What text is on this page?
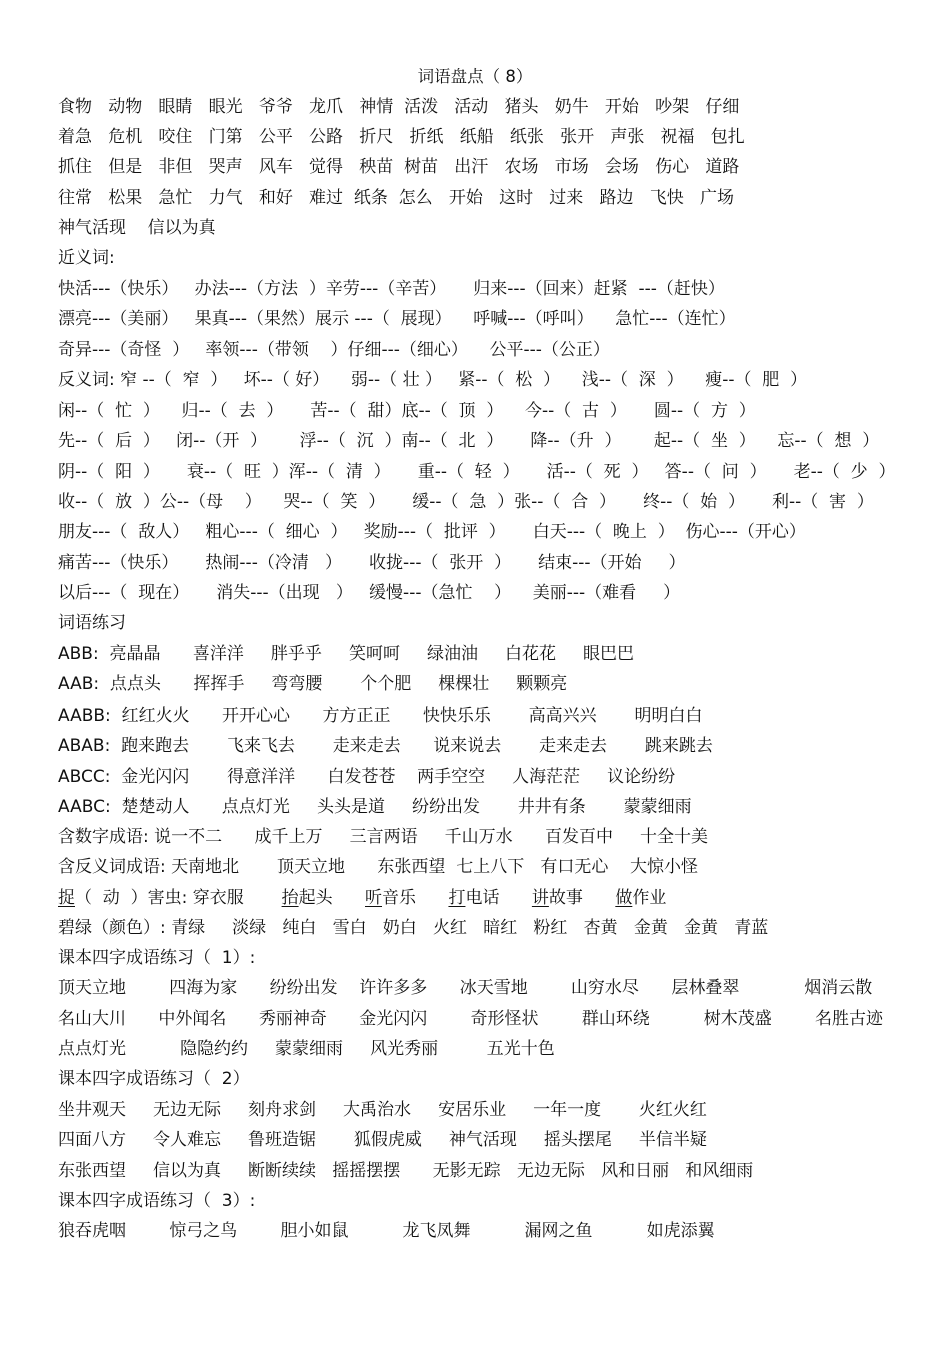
词语盘点（ 8）
食物   动物   眼睛   眼光   爷爷   龙爪   神情  活泼   活动   猪头   奶牛   开始   吵架   仔细
着急   危机   咬住   门第   公平   公路   折尺   折纸   纸船   纸张   张开   声张   祝福   包扎
抓住   但是   非但   哭声   风车   觉得   秧苗  树苗   出汗   农场   市场   会场   伤心   道路
往常   松果   急忙   力气   和好   难过  纸条  怎么   开始   这时   过来   路边   飞快   广场
神气活现    信以为真
近义词:
快活---（快乐）   办法---（方法  ）辛劳---（辛苦）     归来---（回来）赶紧  ---（赶快）
漂亮---（美丽）   果真---（果然）展示 ---（  展现）    呼喊---（呼叫）    急忙---（连忙）
奇异---（奇怪  ）   率领---（带领    ）仔细---（细心）    公平---（公正）
反义词: 窄 --（  窄  ）   坏--（ 好）    弱--（ 壮 ）   紧--（  松  ）    浅--（  深  ）    瘦--（  肥  ）
闲--（  忙  ）    归--（  去  ）     苦--（  甜）底--（  顶  ）    今--（  古  ）     圆--（  方  ）
先--（  后  ）   闭--（开  ）      浮--（  沉  ）南--（  北  ）     降--（升  ）      起--（  坐  ）    忘--（  想  ）
阴--（  阳  ）     衰--（  旺  ）浑--（  清  ）     重--（  轻  ）     活--（  死  ）   答--（  问  ）     老--（  少  ）
收--（  放  ）公--（母    ）    哭--（  笑  ）     缓--（  急  ）张--（  合  ）     终--（  始  ）     利--（  害  ）
朋友---（  敌人）   粗心---（  细心  ）   奖励---（  批评  ）     白天---（  晚上  ）  伤心---（开心）
痛苦---（快乐）     热闹---（冷清   ）     收拢---（  张开  ）     结束---（开始     ）
以后---（  现在）     消失---（出现   ）   缓慢---（急忙    ）    美丽---（难看     ）
词语练习
ABB:  亮晶晶      喜洋洋     胖乎乎     笑呵呵     绿油油     白花花     眼巴巴
AAB:  点点头      挥挥手     弯弯腰       个个肥     棵棵壮     颗颗亮
AABB:  红红火火      开开心心      方方正正      快快乐乐       高高兴兴       明明白白
ABAB:  跑来跑去       飞来飞去       走来走去      说来说去       走来走去       跳来跳去
ABCC:  金光闪闪       得意洋洋      白发苍苍    两手空空     人海茫茫     议论纷纷
AABC:  楚楚动人      点点灯光     头头是道     纷纷出发       井井有条       蒙蒙细雨
含数字成语: 说一不二      成千上万     三言两语     千山万水      百发百中     十全十美
含反义词成语: 天南地北       顶天立地      东张西望  七上八下   有口无心    大惊小怪
捉（  动  ）害虫: 穿衣服       抬起头      听音乐      打电话      讲故事      做作业
碧绿（颜色）: 青绿     淡绿   纯白   雪白   奶白   火红   暗红   粉红   杏黄   金黄   金黄   青蓝
课本四字成语练习（  1）:
顶天立地        四海为家      纷纷出发    许许多多      冰天雪地        山穷水尽      层林叠翠            烟消云散
名山大川      中外闻名      秀丽神奇      金光闪闪        奇形怪状        群山环绕          树木茂盛        名胜古迹
点点灯光          隐隐约约     蒙蒙细雨     风光秀丽         五光十色
课本四字成语练习（  2）
坐井观天     无边无际     刻舟求剑     大禹治水     安居乐业     一年一度       火红火红
四面八方     令人难忘     鲁班造锯       狐假虎威     神气活现     摇头摆尾     半信半疑
东张西望     信以为真     断断续续   摇摇摆摆      无影无踪   无边无际   风和日丽   和风细雨
课本四字成语练习（  3）:
狼吞虎咽        惊弓之鸟        胆小如鼠          龙飞凤舞          漏网之鱼          如虎添翼
